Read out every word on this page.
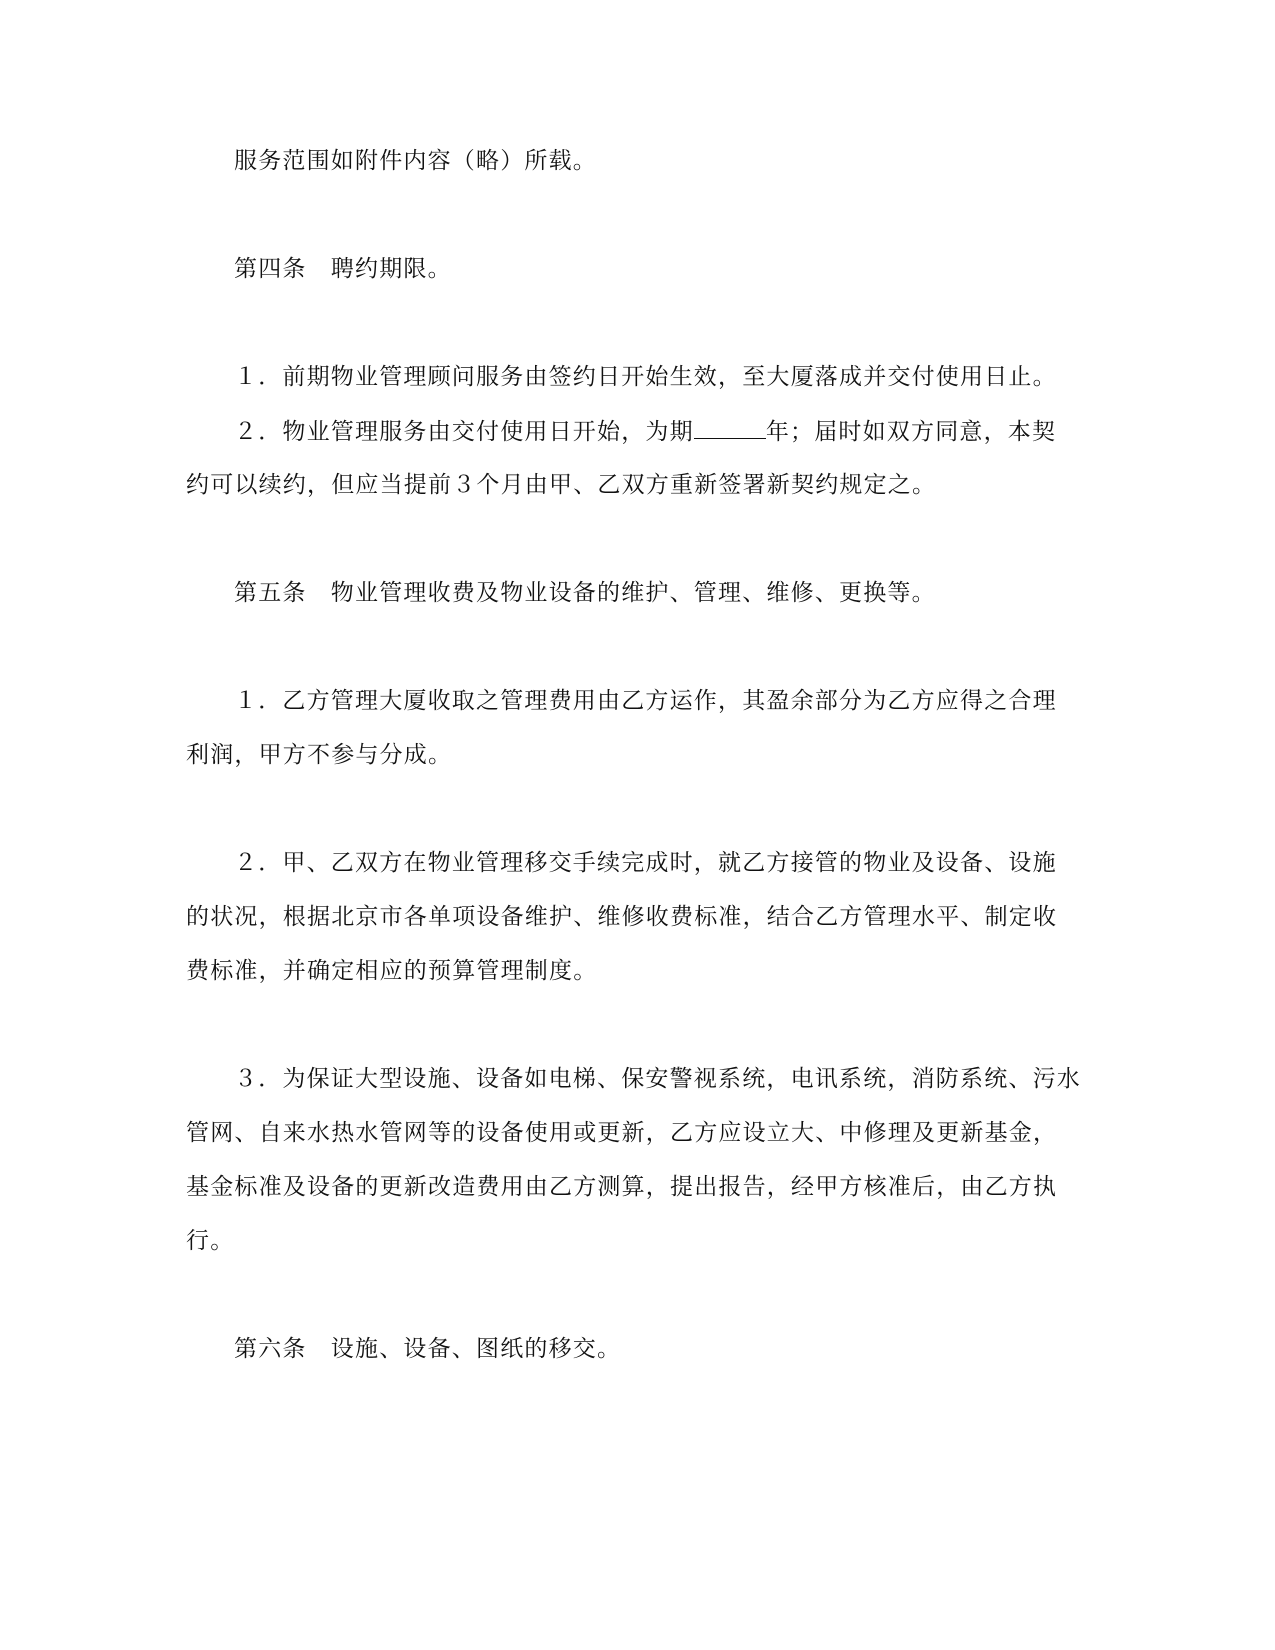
服务范围如附件内容（略）所载。

第四条　聘约期限。

１．前期物业管理顾问服务由签约日开始生效，至大厦落成并交付使用日止。

２．物业管理服务由交付使用日开始，为期	年；届时如双方同意，本契

约可以续约，但应当提前３个月由甲、乙双方重新签署新契约规定之。

第五条　物业管理收费及物业设备的维护、管理、维修、更换等。

１．乙方管理大厦收取之管理费用由乙方运作，其盈余部分为乙方应得之合理

利润，甲方不参与分成。

２．甲、乙双方在物业管理移交手续完成时，就乙方接管的物业及设备、设施

的状况，根据北京市各单项设备维护、维修收费标准，结合乙方管理水平、制定收

费标准，并确定相应的预算管理制度。

３．为保证大型设施、设备如电梯、保安警视系统，电讯系统，消防系统、污水

管网、自来水热水管网等的设备使用或更新，乙方应设立大、中修理及更新基金，

基金标准及设备的更新改造费用由乙方测算，提出报告，经甲方核准后，由乙方执

行。

第六条　设施、设备、图纸的移交。
